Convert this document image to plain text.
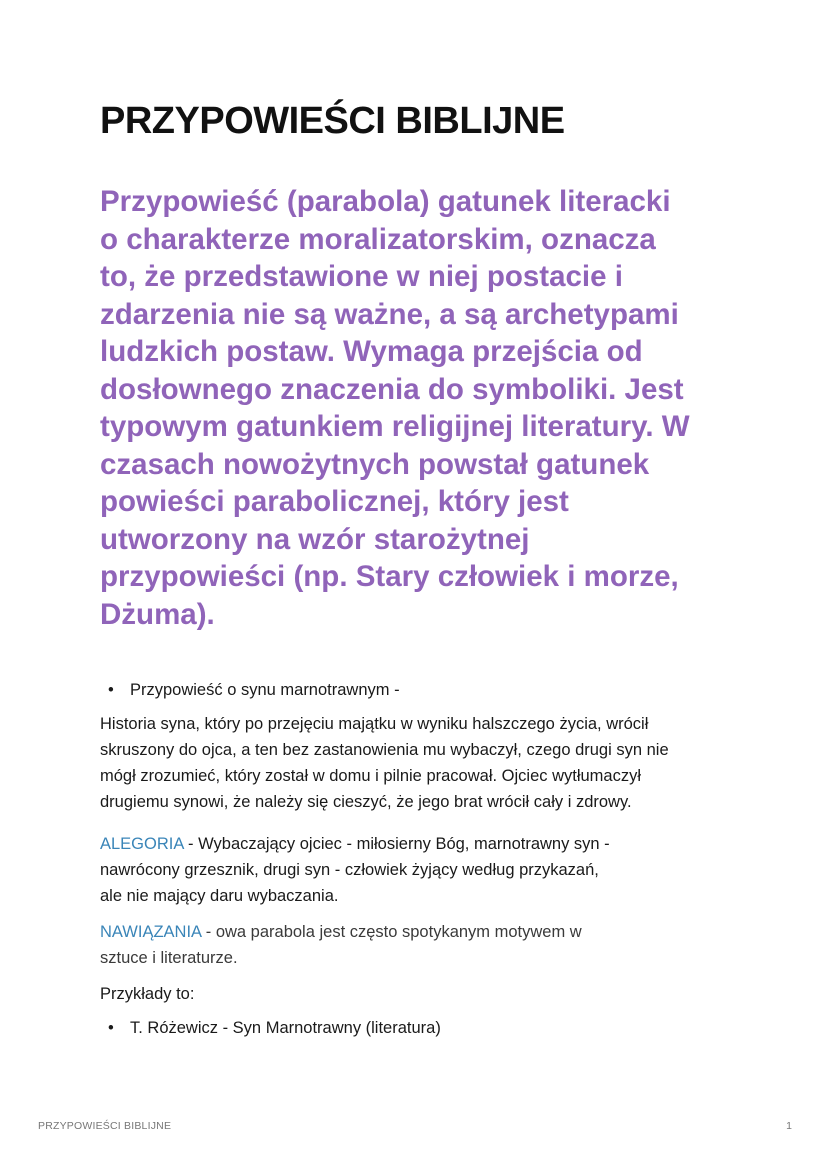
PRZYPOWIEŚCI BIBLIJNE

Przypowieść (parabola) gatunek literacki
o charakterze moralizatorskim, oznacza
to, że przedstawione w niej postacie i
zdarzenia nie są ważne, a są archetypami
ludzkich postaw. Wymaga przejścia od
dosłownego znaczenia do symboliki. Jest
typowym gatunkiem religijnej literatury. W
czasach nowożytnych powstał gatunek
powieści parabolicznej, który jest
utworzony na wzór starożytnej
przypowieści (np. Stary człowiek i morze,
Dżuma).

• Przypowieść o synu marnotrawnym -

Historia syna, który po przejęciu majątku w wyniku halszczego życia, wrócił
skruszony do ojca, a ten bez zastanowienia mu wybaczył, czego drugi syn nie
mógł zrozumieć, który został w domu i pilnie pracował. Ojciec wytłumaczył
drugiemu synowi, że należy się cieszyć, że jego brat wrócił cały i zdrowy.

ALEGORIA - Wybaczający ojciec - miłosierny Bóg, marnotrawny syn -
nawrócony grzesznik, drugi syn - człowiek żyjący według przykazań,
ale nie mający daru wybaczania.

NAWIĄZANIA - owa parabola jest często spotykanym motywem w
sztuce i literaturze.

Przykłady to:

• T. Różewicz - Syn Marnotrawny (literatura)
PRZYPOWIEŚCI BIBLIJNE	1
